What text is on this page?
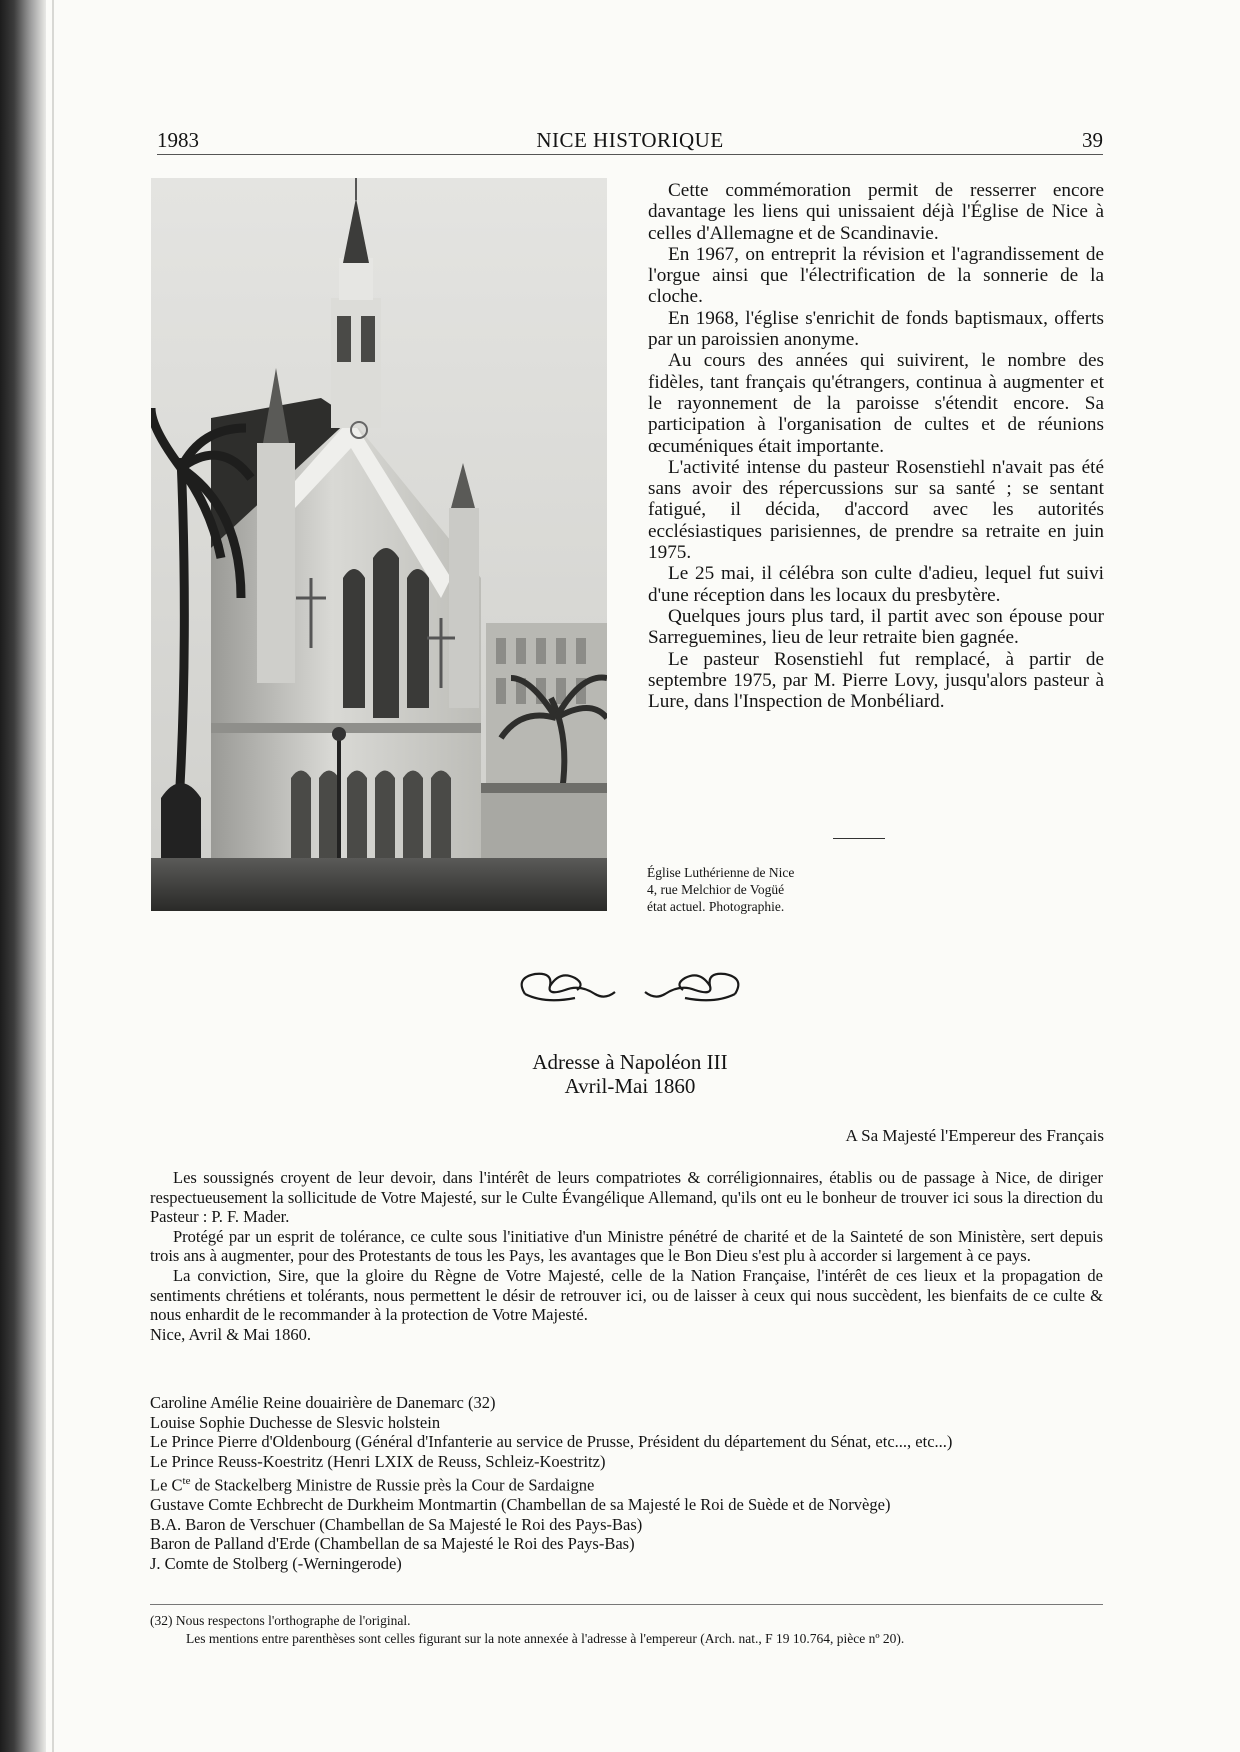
1983	NICE HISTORIQUE	39

Cette commémoration permit de resserrer encore davantage les liens qui unissaient déjà l'Église de Nice à celles d'Allemagne et de Scandinavie.

En 1967, on entreprit la révision et l'agrandissement de l'orgue ainsi que l'électrification de la sonnerie de la cloche.

En 1968, l'église s'enrichit de fonds baptismaux, offerts par un paroissien anonyme.

Au cours des années qui suivirent, le nombre des fidèles, tant français qu'étrangers, continua à augmenter et le rayonnement de la paroisse s'étendit encore. Sa participation à l'organisation de cultes et de réunions œcuméniques était importante.

L'activité intense du pasteur Rosenstiehl n'avait pas été sans avoir des répercussions sur sa santé ; se sentant fatigué, il décida, d'accord avec les autorités ecclésiastiques parisiennes, de prendre sa retraite en juin 1975.

Le 25 mai, il célébra son culte d'adieu, lequel fut suivi d'une réception dans les locaux du presbytère.

Quelques jours plus tard, il partit avec son épouse pour Sarreguemines, lieu de leur retraite bien gagnée.

Le pasteur Rosenstiehl fut remplacé, à partir de septembre 1975, par M. Pierre Lovy, jusqu'alors pasteur à Lure, dans l'Inspection de Monbéliard.

Église Luthérienne de Nice
4, rue Melchior de Vogüé
état actuel. Photographie.
Adresse à Napoléon III
Avril-Mai 1860
A Sa Majesté l'Empereur des Français

Les soussignés croyent de leur devoir, dans l'intérêt de leurs compatriotes & corréligionnaires, établis ou de passage à Nice, de diriger respectueusement la sollicitude de Votre Majesté, sur le Culte Évangélique Allemand, qu'ils ont eu le bonheur de trouver ici sous la direction du Pasteur : P. F. Mader.

Protégé par un esprit de tolérance, ce culte sous l'initiative d'un Ministre pénétré de charité et de la Sainteté de son Ministère, sert depuis trois ans à augmenter, pour des Protestants de tous les Pays, les avantages que le Bon Dieu s'est plu à accorder si largement à ce pays.

La conviction, Sire, que la gloire du Règne de Votre Majesté, celle de la Nation Française, l'intérêt de ces lieux et la propagation de sentiments chrétiens et tolérants, nous permettent le désir de retrouver ici, ou de laisser à ceux qui nous succèdent, les bienfaits de ce culte & nous enhardit de le recommander à la protection de Votre Majesté.

Nice, Avril & Mai 1860.

Caroline Amélie Reine douairière de Danemarc (32)
Louise Sophie Duchesse de Slesvic holstein
Le Prince Pierre d'Oldenbourg (Général d'Infanterie au service de Prusse, Président du département du Sénat, etc..., etc...)
Le Prince Reuss-Koestritz (Henri LXIX de Reuss, Schleiz-Koestritz)
Le $C^{te}$ de Stackelberg Ministre de Russie près la Cour de Sardaigne
Gustave Comte Echbrecht de Durkheim Montmartin (Chambellan de sa Majesté le Roi de Suède et de Norvège)
B.A. Baron de Verschuer (Chambellan de Sa Majesté le Roi des Pays-Bas)
Baron de Palland d'Erde (Chambellan de sa Majesté le Roi des Pays-Bas)
J. Comte de Stolberg (-Werningerode)
(32) Nous respectons l'orthographe de l'original.
Les mentions entre parenthèses sont celles figurant sur la note annexée à l'adresse à l'empereur (Arch. nat., F 19 10.764, pièce nº 20).
